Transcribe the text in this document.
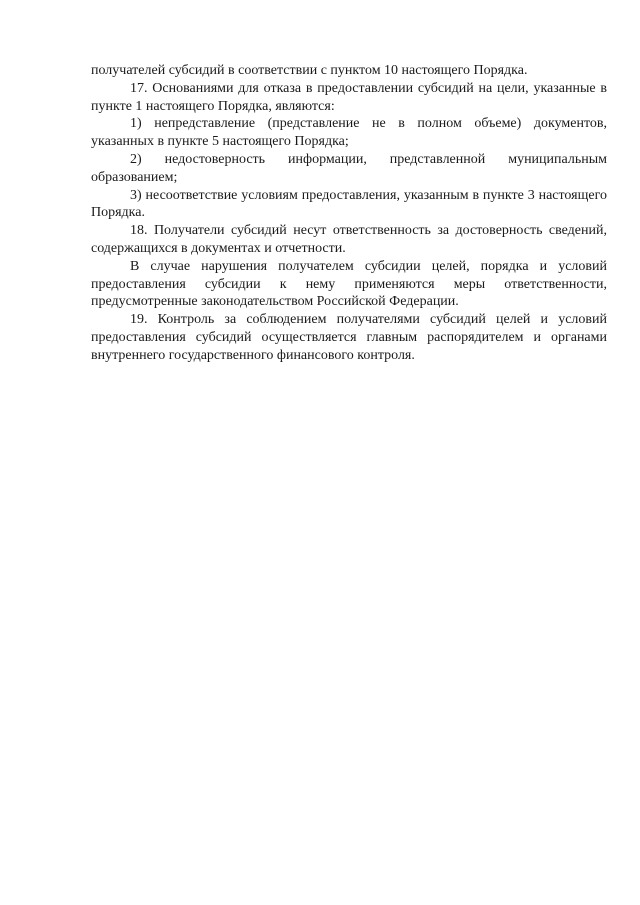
получателей субсидий в соответствии с пунктом 10 настоящего Порядка.

17. Основаниями для отказа в предоставлении субсидий на цели, указанные в пункте 1 настоящего Порядка, являются:

1) непредставление (представление не в полном объеме) документов, указанных в пункте 5 настоящего Порядка;

2) недостоверность информации, представленной муниципальным образованием;

3) несоответствие условиям предоставления, указанным в пункте 3 настоящего Порядка.

18. Получатели субсидий несут ответственность за достоверность сведений, содержащихся в документах и отчетности.

В случае нарушения получателем субсидии целей, порядка и условий предоставления субсидии к нему применяются меры ответственности, предусмотренные законодательством Российской Федерации.

19. Контроль за соблюдением получателями субсидий целей и условий предоставления субсидий осуществляется главным распорядителем и органами внутреннего государственного финансового контроля.
